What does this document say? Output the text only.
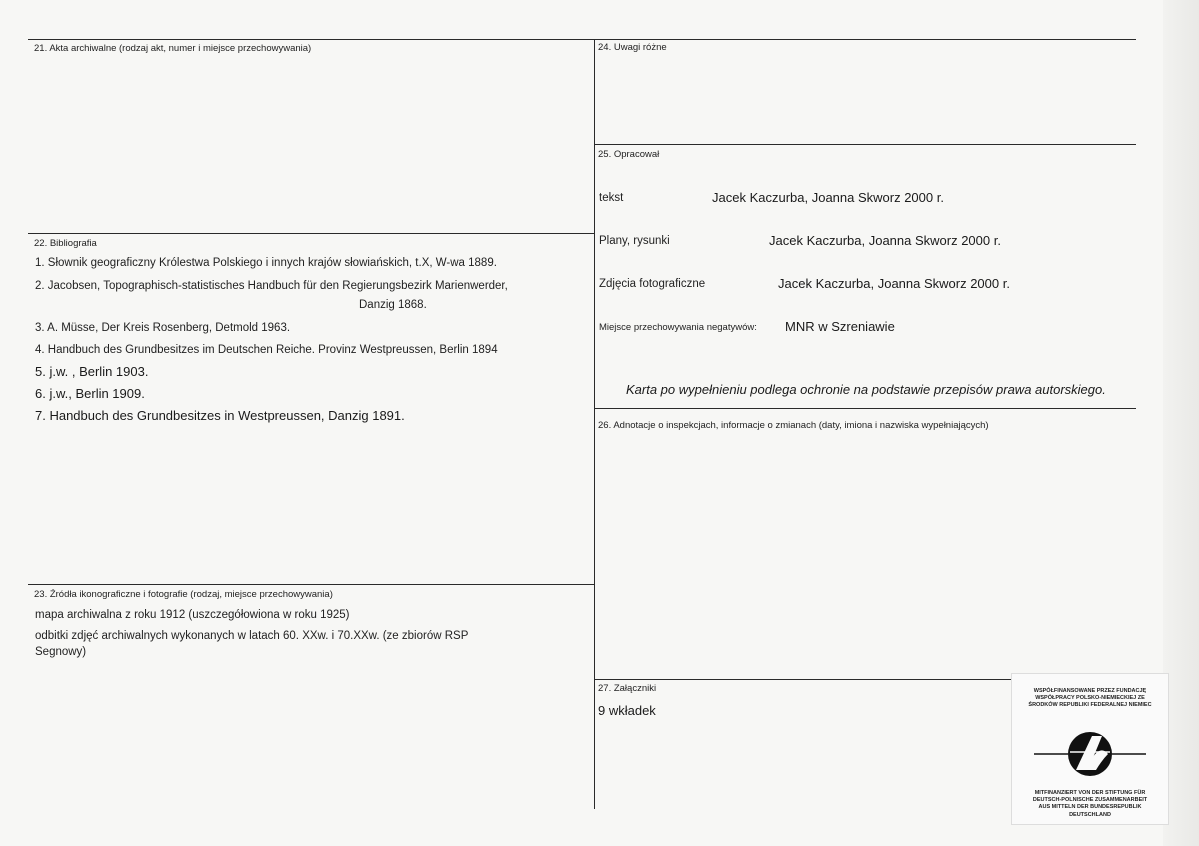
21. Akta archiwalne (rodzaj akt, numer i miejsce przechowywania)
22. Bibliografia
1. Słownik geograficzny Królestwa Polskiego i innych krajów słowiańskich, t.X, W-wa 1889.
2. Jacobsen, Topographisch-statistisches Handbuch für den Regierungsbezirk Marienwerder,
Danzig 1868.
3. A. Müsse, Der Kreis Rosenberg, Detmold 1963.
4. Handbuch des Grundbesitzes im Deutschen Reiche. Provinz Westpreussen, Berlin 1894
5. j.w. , Berlin 1903.
6. j.w., Berlin 1909.
7. Handbuch des Grundbesitzes in Westpreussen, Danzig 1891.
23. Źródła ikonograficzne i fotografie (rodzaj, miejsce przechowywania)
mapa archiwalna z roku 1912 (uszczegółowiona w roku 1925)
odbitki zdjęć archiwalnych wykonanych w latach 60. XXw. i 70.XXw. (ze zbiorów RSP
Segnowy)
24. Uwagi różne
25. Opracował
tekst	Jacek Kaczurba, Joanna Skworz 2000 r.
Plany, rysunki	Jacek Kaczurba, Joanna Skworz 2000 r.
Zdjęcia fotograficzne	Jacek Kaczurba, Joanna Skworz 2000 r.
Miejsce przechowywania negatywów: MNR w Szreniawie
Karta po wypełnieniu podlega ochronie na podstawie przepisów prawa autorskiego.
26. Adnotacje o inspekcjach, informacje o zmianach (daty, imiona i nazwiska wypełniających)
27. Załączniki
9 wkładek
WSPÓŁFINANSOWANE PRZEZ FUNDACJĘ WSPÓŁPRACY POLSKO-NIEMIECKIEJ ZE ŚRODKÓW REPUBLIKI FEDERALNEJ NIEMIEC
MITFINANZIERT VON DER STIFTUNG FÜR DEUTSCH-POLNISCHE ZUSAMMENARBEIT AUS MITTELN DER BUNDESREPUBLIK DEUTSCHLAND
